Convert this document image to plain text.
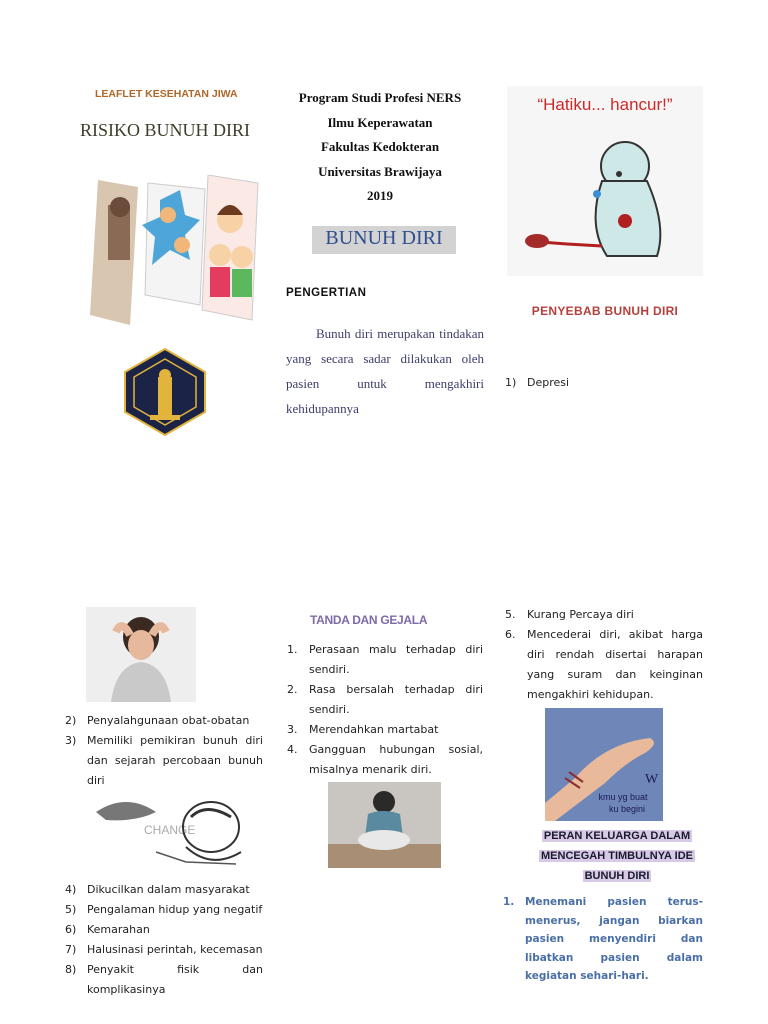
LEAFLET KESEHATAN JIWA
RISIKO BUNUH DIRI
Program Studi Profesi NERS
Ilmu Keperawatan
Fakultas Kedokteran
Universitas Brawijaya
2019
BUNUH DIRI
PENGERTIAN
Bunuh diri merupakan tindakan yang secara sadar dilakukan oleh pasien untuk mengakhiri kehidupannya
“Hatiku... hancur!”
PENYEBAB BUNUH DIRI
1) Depresi
2) Penyalahgunaan obat-obatan
3) Memiliki pemikiran bunuh diri dan sejarah percobaan bunuh diri
CHANGE
4) Dikucilkan dalam masyarakat
5) Pengalaman hidup yang negatif
6) Kemarahan
7) Halusinasi perintah, kecemasan
8) Penyakit fisik dan komplikasinya
TANDA DAN GEJALA
1. Perasaan malu terhadap diri sendiri.
2. Rasa bersalah terhadap diri sendiri.
3. Merendahkan martabat
4. Gangguan hubungan sosial, misalnya menarik diri.
5. Kurang Percaya diri
6. Mencederai diri, akibat harga diri rendah disertai harapan yang suram dan keinginan mengakhiri kehidupan.
W
kmu yg buat
ku begini
PERAN KELUARGA DALAM
MENCEGAH TIMBULNYA IDE
BUNUH DIRI
1. Menemani pasien terus-menerus, jangan biarkan pasien menyendiri dan libatkan pasien dalam kegiatan sehari-hari.
